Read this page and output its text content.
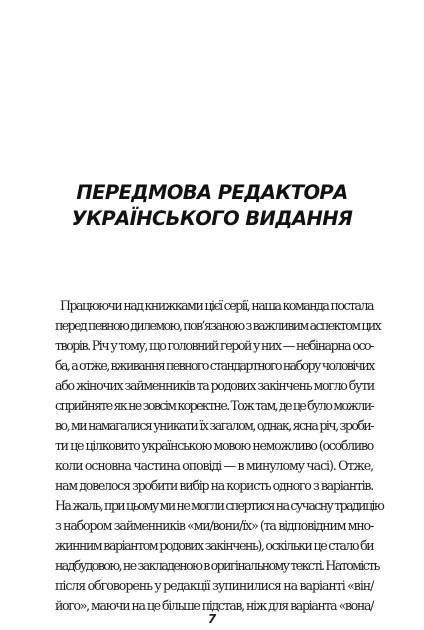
ПЕРЕДМОВА РЕДАКТОРА
УКРАЇНСЬКОГО ВИДАННЯ
Працюючи над книжками цієї серії, наша команда постала
перед певною дилемою, пов’язаною з важливим аспектом цих
творів. Річ у тому, що головний герой у них — небінарна осо-
ба, а отже, вживання певного стандартного набору чоловічих
або жіночих займенників та родових закінчень могло бути
сприйняте як не зовсім коректне. Тож там, де це було можли-
во, ми намагалися уникати їх загалом, однак, ясна річ, зроби-
ти це цілковито українською мовою неможливо (особливо
коли основна частина оповіді — в минулому часі). Отже,
нам довелося зробити вибір на користь одного з варіантів.
На жаль, при цьому ми не могли спертися на сучасну традицію
з набором займенників «ми/вони/їх» (та відповідним мно-
жинним варіантом родових закінчень), оскільки це стало би
надбудовою, не закладеною в оригінальному тексті. Натомість
після обговорень у редакції зупинилися на варіанті «він/
його», маючи на це більше підстав, ніж для варіанта «вона/
7
